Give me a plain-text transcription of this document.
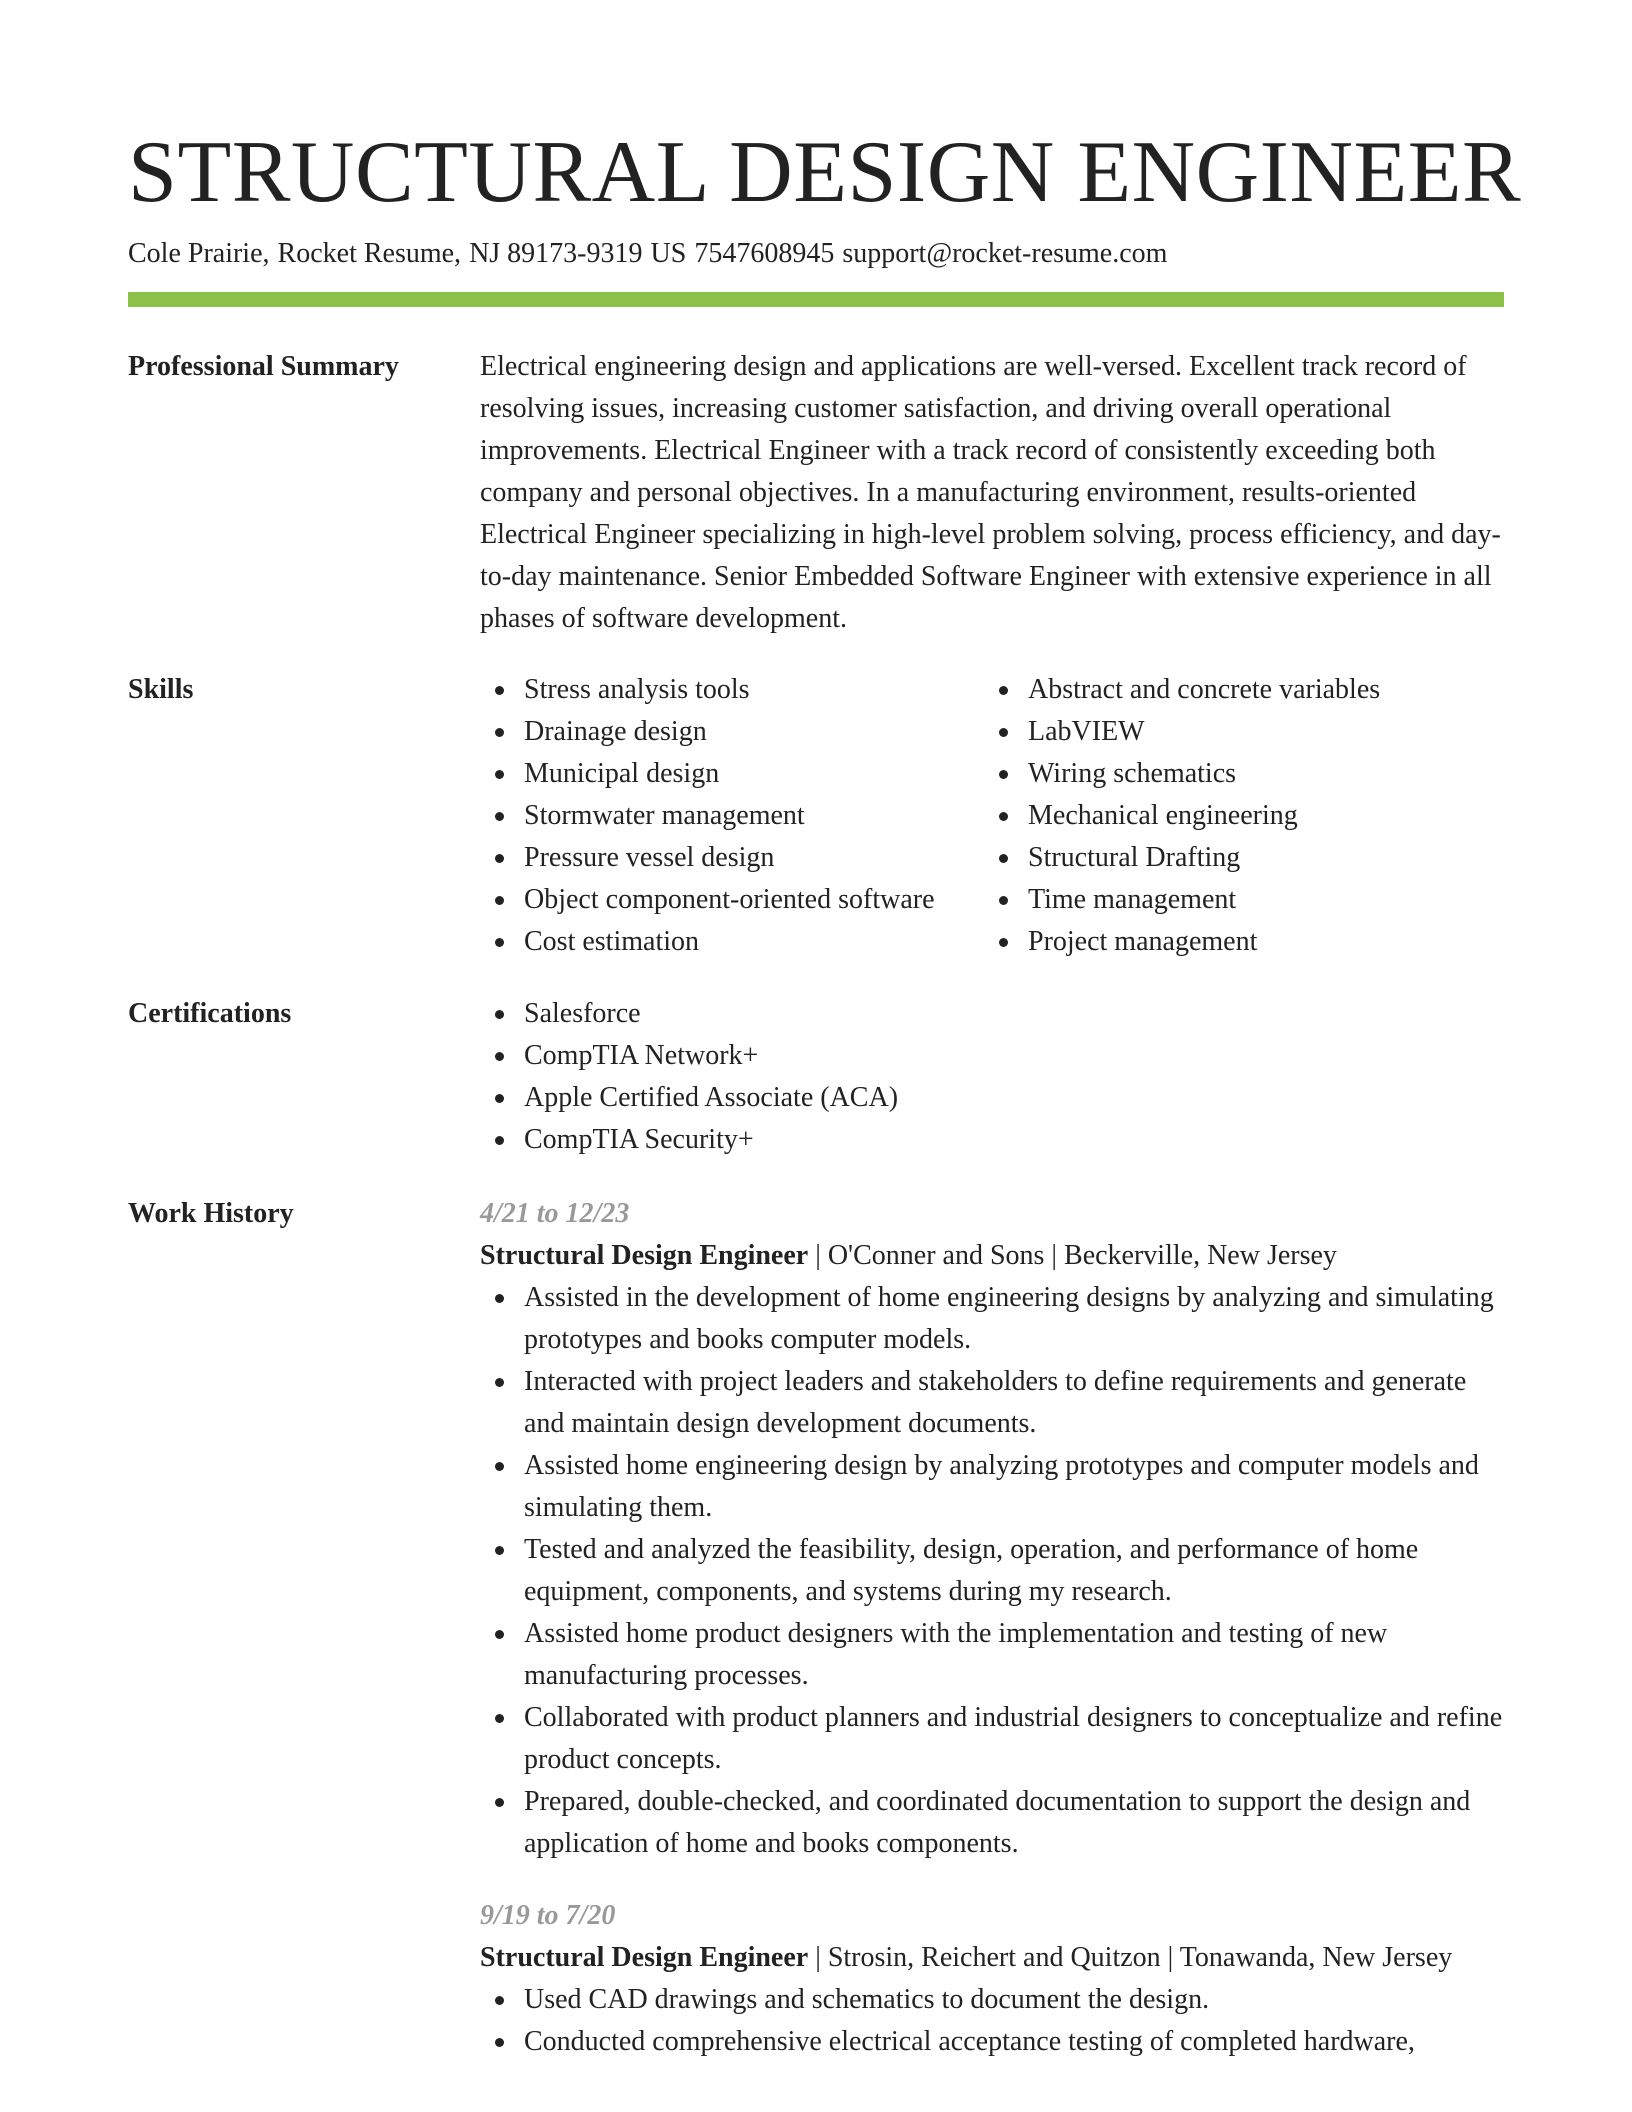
STRUCTURAL DESIGN ENGINEER
Cole Prairie, Rocket Resume, NJ 89173-9319 US 7547608945 support@rocket-resume.com
Professional Summary	Electrical engineering design and applications are well-versed. Excellent track record of resolving issues, increasing customer satisfaction, and driving overall operational improvements. Electrical Engineer with a track record of consistently exceeding both company and personal objectives. In a manufacturing environment, results-oriented Electrical Engineer specializing in high-level problem solving, process efficiency, and day-to-day maintenance. Senior Embedded Software Engineer with extensive experience in all phases of software development.

Skills	Stress analysis tools
Drainage design
Municipal design
Stormwater management
Pressure vessel design
Object component-oriented software
Cost estimation
Abstract and concrete variables
LabVIEW
Wiring schematics
Mechanical engineering
Structural Drafting
Time management
Project management
Certifications	Salesforce
CompTIA Network+
Apple Certified Associate (ACA)
CompTIA Security+
Work History	4/21 to 12/23
Structural Design Engineer | O'Conner and Sons | Beckerville, New Jersey
Assisted in the development of home engineering designs by analyzing and simulating prototypes and books computer models.
Interacted with project leaders and stakeholders to define requirements and generate and maintain design development documents.
Assisted home engineering design by analyzing prototypes and computer models and simulating them.
Tested and analyzed the feasibility, design, operation, and performance of home equipment, components, and systems during my research.
Assisted home product designers with the implementation and testing of new manufacturing processes.
Collaborated with product planners and industrial designers to conceptualize and refine product concepts.
Prepared, double-checked, and coordinated documentation to support the design and application of home and books components.
9/19 to 7/20
Structural Design Engineer | Strosin, Reichert and Quitzon | Tonawanda, New Jersey
Used CAD drawings and schematics to document the design.
Conducted comprehensive electrical acceptance testing of completed hardware,
